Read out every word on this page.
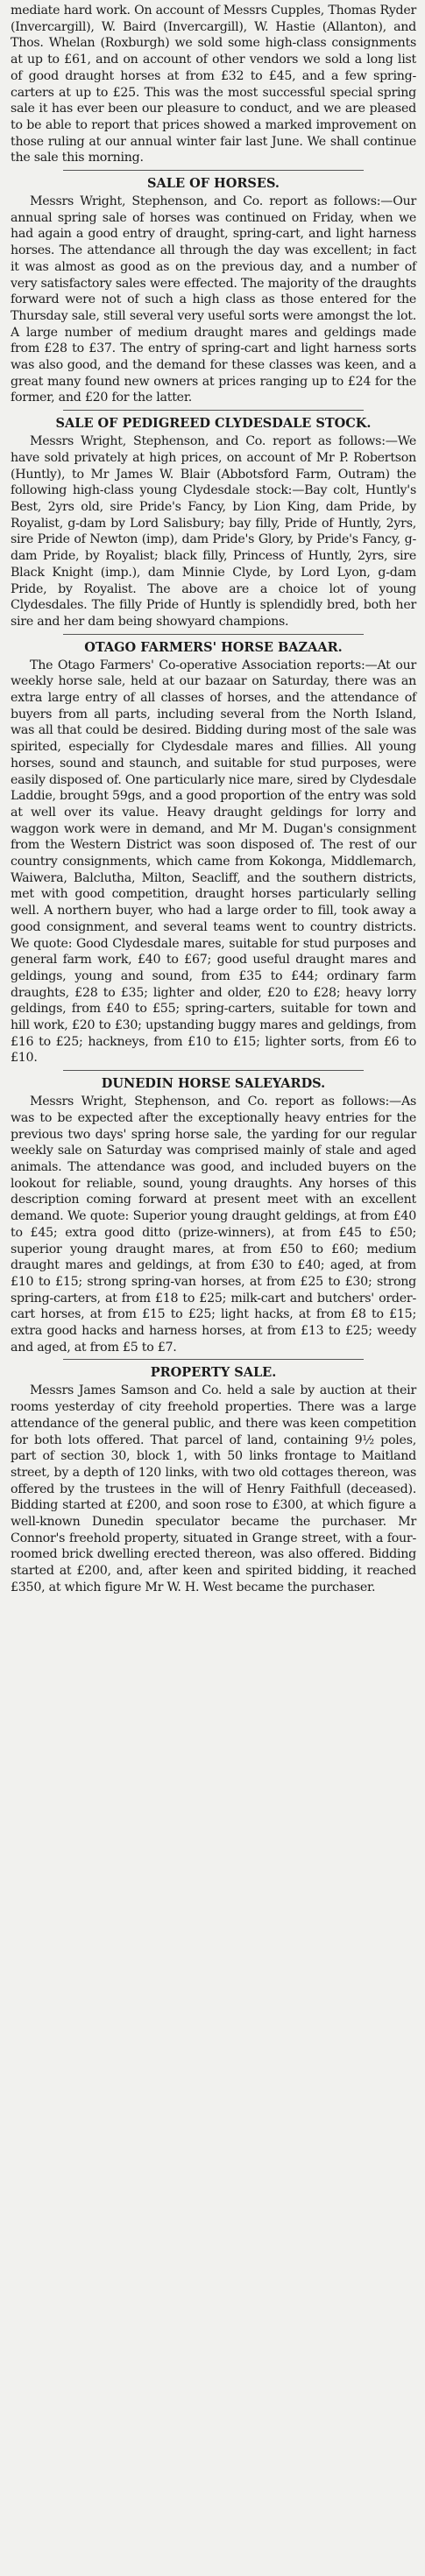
mediate hard work. On account of Messrs Cupples, Thomas Ryder (Invercargill), W. Baird (Invercargill), W. Hastie (Allanton), and Thos. Whelan (Roxburgh) we sold some high-class consignments at up to £61, and on account of other vendors we sold a long list of good draught horses at from £32 to £45, and a few spring-carters at up to £25. This was the most successful special spring sale it has ever been our pleasure to conduct, and we are pleased to be able to report that prices showed a marked improvement on those ruling at our annual winter fair last June. We shall continue the sale this morning.

SALE OF HORSES.

Messrs Wright, Stephenson, and Co. report as follows:—Our annual spring sale of horses was continued on Friday, when we had again a good entry of draught, spring-cart, and light harness horses. The attendance all through the day was excellent; in fact it was almost as good as on the previous day, and a number of very satisfactory sales were effected. The majority of the draughts forward were not of such a high class as those entered for the Thursday sale, still several very useful sorts were amongst the lot. A large number of medium draught mares and geldings made from £28 to £37. The entry of spring-cart and light harness sorts was also good, and the demand for these classes was keen, and a great many found new owners at prices ranging up to £24 for the former, and £20 for the latter.

SALE OF PEDIGREED CLYDESDALE STOCK.

Messrs Wright, Stephenson, and Co. report as follows:—We have sold privately at high prices, on account of Mr P. Robertson (Huntly), to Mr James W. Blair (Abbotsford Farm, Outram) the following high-class young Clydesdale stock:—Bay colt, Huntly's Best, 2yrs old, sire Pride's Fancy, by Lion King, dam Pride, by Royalist, g-dam by Lord Salisbury; bay filly, Pride of Huntly, 2yrs, sire Pride of Newton (imp), dam Pride's Glory, by Pride's Fancy, g-dam Pride, by Royalist; black filly, Princess of Huntly, 2yrs, sire Black Knight (imp.), dam Minnie Clyde, by Lord Lyon, g-dam Pride, by Royalist. The above are a choice lot of young Clydesdales. The filly Pride of Huntly is splendidly bred, both her sire and her dam being showyard champions.

OTAGO FARMERS' HORSE BAZAAR.

The Otago Farmers' Co-operative Association reports:—At our weekly horse sale, held at our bazaar on Saturday, there was an extra large entry of all classes of horses, and the attendance of buyers from all parts, including several from the North Island, was all that could be desired. Bidding during most of the sale was spirited, especially for Clydesdale mares and fillies. All young horses, sound and staunch, and suitable for stud purposes, were easily disposed of. One particularly nice mare, sired by Clydesdale Laddie, brought 59gs, and a good proportion of the entry was sold at well over its value. Heavy draught geldings for lorry and waggon work were in demand, and Mr M. Dugan's consignment from the Western District was soon disposed of. The rest of our country consignments, which came from Kokonga, Middlemarch, Waiwera, Balclutha, Milton, Seacliff, and the southern districts, met with good competition, draught horses particularly selling well. A northern buyer, who had a large order to fill, took away a good consignment, and several teams went to country districts. We quote: Good Clydesdale mares, suitable for stud purposes and general farm work, £40 to £67; good useful draught mares and geldings, young and sound, from £35 to £44; ordinary farm draughts, £28 to £35; lighter and older, £20 to £28; heavy lorry geldings, from £40 to £55; spring-carters, suitable for town and hill work, £20 to £30; upstanding buggy mares and geldings, from £16 to £25; hackneys, from £10 to £15; lighter sorts, from £6 to £10.

DUNEDIN HORSE SALEYARDS.

Messrs Wright, Stephenson, and Co. report as follows:—As was to be expected after the exceptionally heavy entries for the previous two days' spring horse sale, the yarding for our regular weekly sale on Saturday was comprised mainly of stale and aged animals. The attendance was good, and included buyers on the lookout for reliable, sound, young draughts. Any horses of this description coming forward at present meet with an excellent demand. We quote: Superior young draught geldings, at from £40 to £45; extra good ditto (prize-winners), at from £45 to £50; superior young draught mares, at from £50 to £60; medium draught mares and geldings, at from £30 to £40; aged, at from £10 to £15; strong spring-van horses, at from £25 to £30; strong spring-carters, at from £18 to £25; milk-cart and butchers' order-cart horses, at from £15 to £25; light hacks, at from £8 to £15; extra good hacks and harness horses, at from £13 to £25; weedy and aged, at from £5 to £7.

PROPERTY SALE.

Messrs James Samson and Co. held a sale by auction at their rooms yesterday of city freehold properties. There was a large attendance of the general public, and there was keen competition for both lots offered. That parcel of land, containing 9½ poles, part of section 30, block 1, with 50 links frontage to Maitland street, by a depth of 120 links, with two old cottages thereon, was offered by the trustees in the will of Henry Faithfull (deceased). Bidding started at £200, and soon rose to £300, at which figure a well-known Dunedin speculator became the purchaser. Mr Connor's freehold property, situated in Grange street, with a four-roomed brick dwelling erected thereon, was also offered. Bidding started at £200, and, after keen and spirited bidding, it reached £350, at which figure Mr W. H. West became the purchaser.
